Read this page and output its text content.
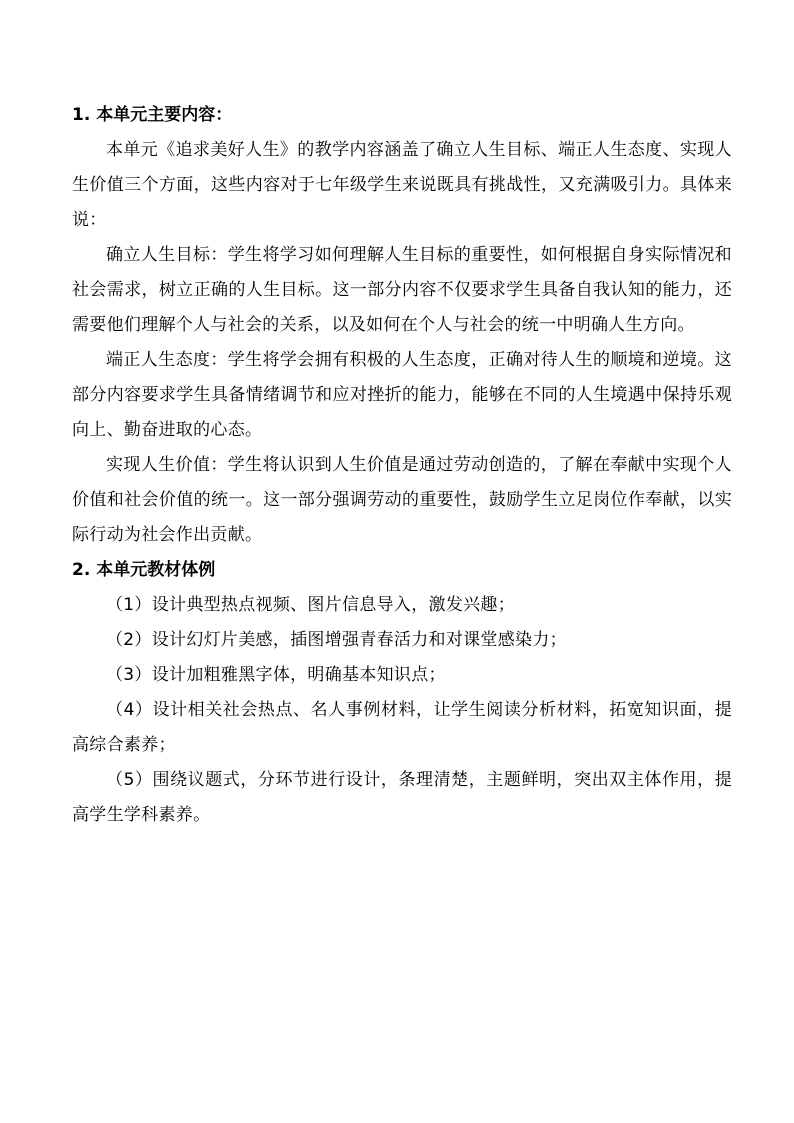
1. 本单元主要内容：

本单元《追求美好人生》的教学内容涵盖了确立人生目标、端正人生态度、实现人生价值三个方面，这些内容对于七年级学生来说既具有挑战性，又充满吸引力。具体来说：

确立人生目标：学生将学习如何理解人生目标的重要性，如何根据自身实际情况和社会需求，树立正确的人生目标。这一部分内容不仅要求学生具备自我认知的能力，还需要他们理解个人与社会的关系，以及如何在个人与社会的统一中明确人生方向。

端正人生态度：学生将学会拥有积极的人生态度，正确对待人生的顺境和逆境。这部分内容要求学生具备情绪调节和应对挫折的能力，能够在不同的人生境遇中保持乐观向上、勤奋进取的心态。

实现人生价值：学生将认识到人生价值是通过劳动创造的，了解在奉献中实现个人价值和社会价值的统一。这一部分强调劳动的重要性，鼓励学生立足岗位作奉献，以实际行动为社会作出贡献。

2. 本单元教材体例

（1）设计典型热点视频、图片信息导入，激发兴趣；

（2）设计幻灯片美感，插图增强青春活力和对课堂感染力；

（3）设计加粗雅黑字体，明确基本知识点；

（4）设计相关社会热点、名人事例材料，让学生阅读分析材料，拓宽知识面，提高综合素养；

（5）围绕议题式，分环节进行设计，条理清楚，主题鲜明，突出双主体作用，提高学生学科素养。
